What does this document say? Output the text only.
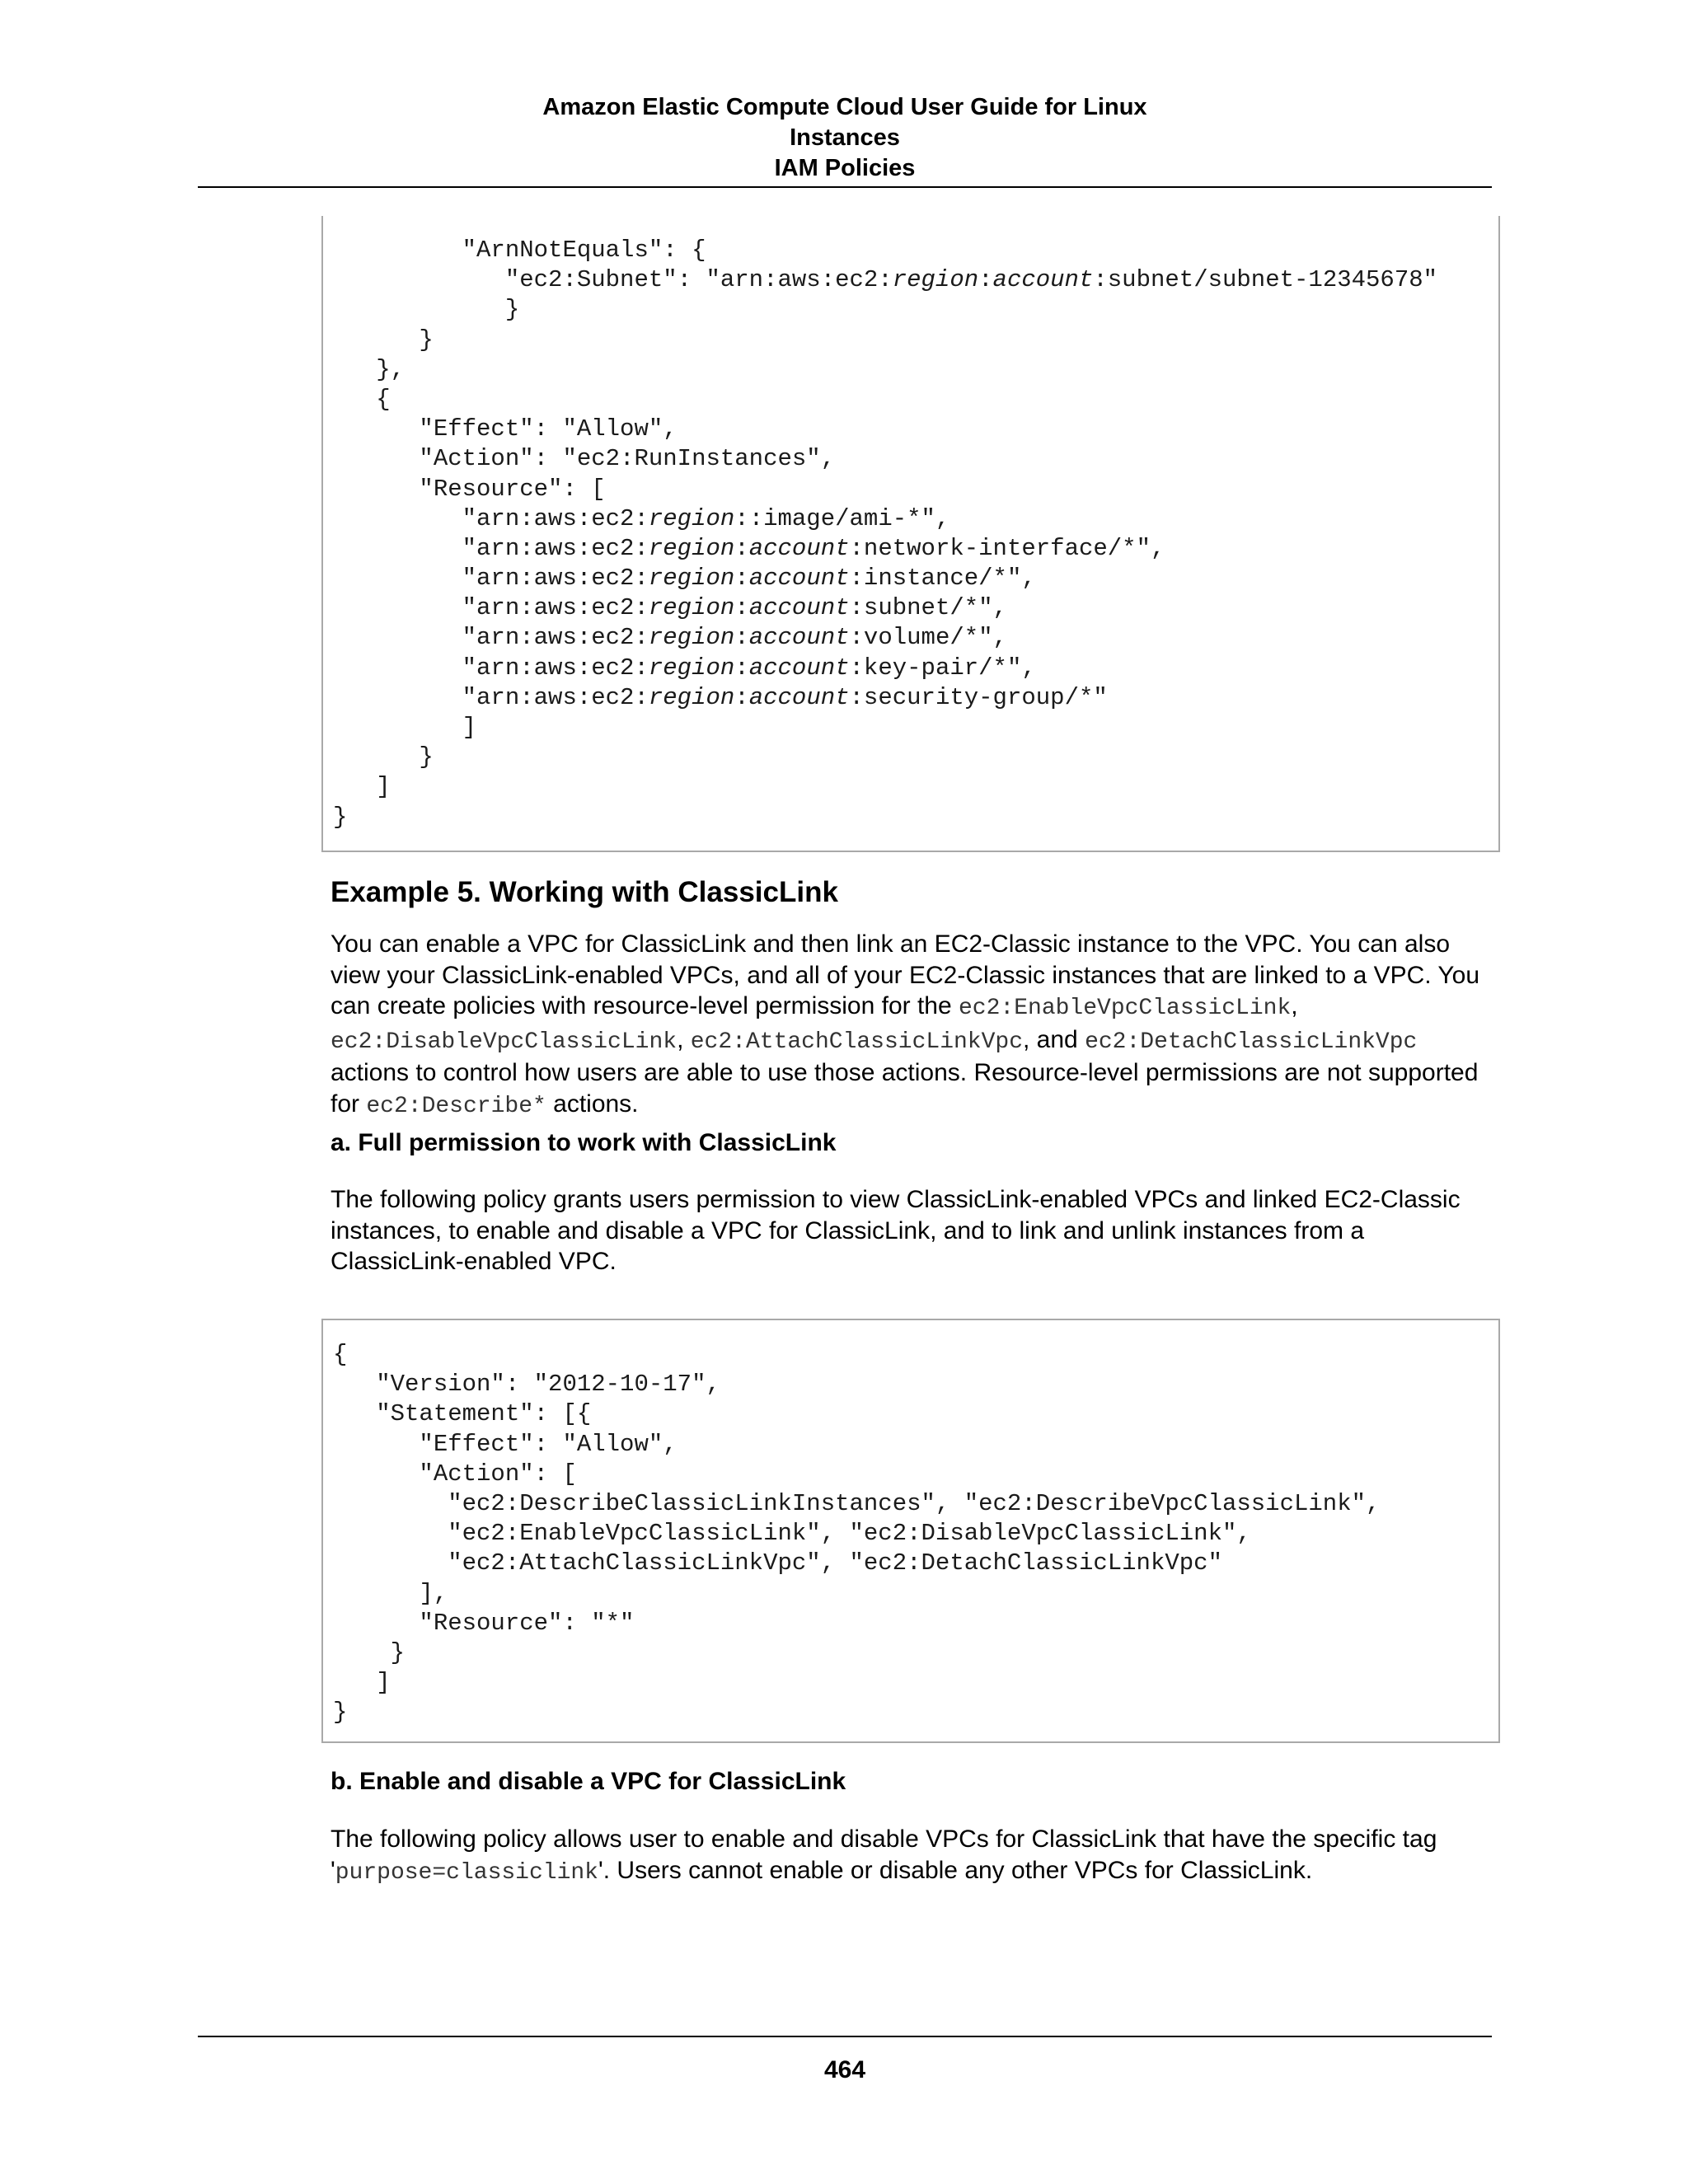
Amazon Elastic Compute Cloud User Guide for Linux
Instances
IAM Policies
"ArnNotEquals": {
"ec2:Subnet": "arn:aws:ec2:region:account:subnet/subnet-12345678"
}
}
},
{
"Effect": "Allow",
"Action": "ec2:RunInstances",
"Resource": [
"arn:aws:ec2:region::image/ami-*",
"arn:aws:ec2:region:account:network-interface/*",
"arn:aws:ec2:region:account:instance/*",
"arn:aws:ec2:region:account:subnet/*",
"arn:aws:ec2:region:account:volume/*",
"arn:aws:ec2:region:account:key-pair/*",
"arn:aws:ec2:region:account:security-group/*"
]
}
]
}
Example 5. Working with ClassicLink
You can enable a VPC for ClassicLink and then link an EC2-Classic instance to the VPC. You can also view your ClassicLink-enabled VPCs, and all of your EC2-Classic instances that are linked to a VPC. You can create policies with resource-level permission for the ec2:EnableVpcClassicLink, ec2:DisableVpcClassicLink, ec2:AttachClassicLinkVpc, and ec2:DetachClassicLinkVpc actions to control how users are able to use those actions. Resource-level permissions are not supported for ec2:Describe* actions.
a. Full permission to work with ClassicLink
The following policy grants users permission to view ClassicLink-enabled VPCs and linked EC2-Classic instances, to enable and disable a VPC for ClassicLink, and to link and unlink instances from a ClassicLink-enabled VPC.
{
"Version": "2012-10-17",
"Statement": [{
"Effect": "Allow",
"Action": [
"ec2:DescribeClassicLinkInstances", "ec2:DescribeVpcClassicLink",
"ec2:EnableVpcClassicLink", "ec2:DisableVpcClassicLink",
"ec2:AttachClassicLinkVpc", "ec2:DetachClassicLinkVpc"
],
"Resource": "*"
}
]
}
b. Enable and disable a VPC for ClassicLink
The following policy allows user to enable and disable VPCs for ClassicLink that have the specific tag 'purpose=classiclink'. Users cannot enable or disable any other VPCs for ClassicLink.
464
